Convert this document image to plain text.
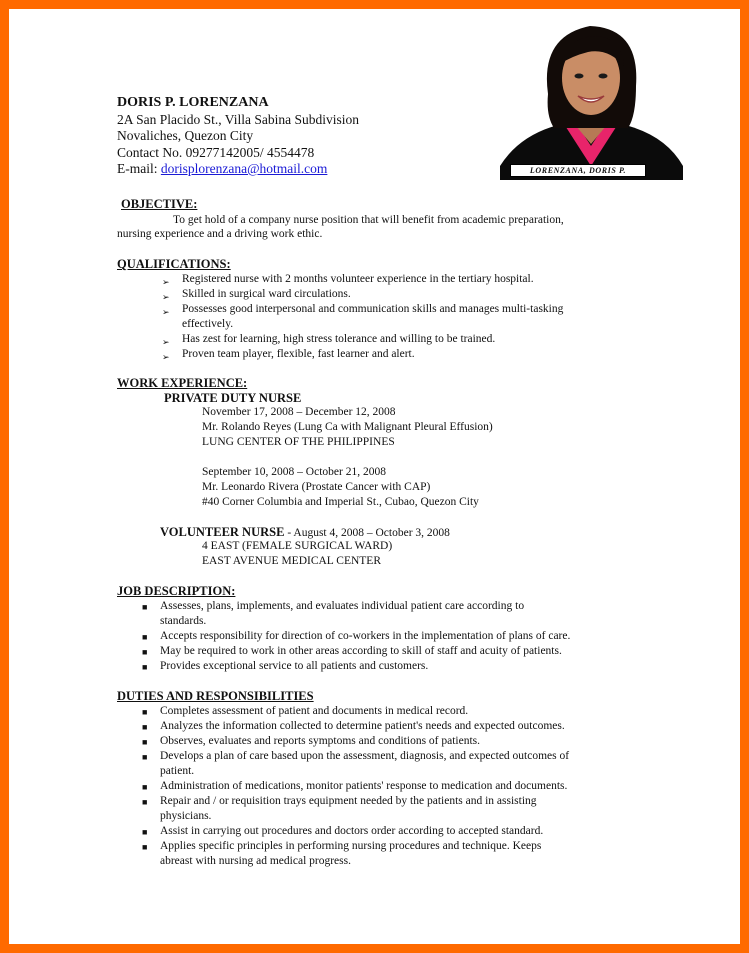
DORIS P. LORENZANA
2A San Placido St., Villa Sabina Subdivision
Novaliches, Quezon City
Contact No. 09277142005/ 4554478
E-mail: dorisplorenzana@hotmail.com	LORENZANA, DORIS P.
OBJECTIVE:
To get hold of a company nurse position that will benefit from academic preparation,
nursing experience and a driving work ethic.
QUALIFICATIONS:
➢ Registered nurse with 2 months volunteer experience in the tertiary hospital.
➢ Skilled in surgical ward circulations.
➢ Possesses good interpersonal and communication skills and manages multi-tasking
effectively.
➢ Has zest for learning, high stress tolerance and willing to be trained.
➢ Proven team player, flexible, fast learner and alert.
WORK EXPERIENCE:
PRIVATE DUTY NURSE
November 17, 2008 – December 12, 2008
Mr. Rolando Reyes (Lung Ca with Malignant Pleural Effusion)
LUNG CENTER OF THE PHILIPPINES
September 10, 2008 – October 21, 2008
Mr. Leonardo Rivera (Prostate Cancer with CAP)
#40 Corner Columbia and Imperial St., Cubao, Quezon City
VOLUNTEER NURSE - August 4, 2008 – October 3, 2008
4 EAST (FEMALE SURGICAL WARD)
EAST AVENUE MEDICAL CENTER
JOB DESCRIPTION:
■ Assesses, plans, implements, and evaluates individual patient care according to
standards.
■ Accepts responsibility for direction of co-workers in the implementation of plans of care.
■ May be required to work in other areas according to skill of staff and acuity of patients.
■ Provides exceptional service to all patients and customers.
DUTIES AND RESPONSIBILITIES
■ Completes assessment of patient and documents in medical record.
■ Analyzes the information collected to determine patient's needs and expected outcomes.
■ Observes, evaluates and reports symptoms and conditions of patients.
■ Develops a plan of care based upon the assessment, diagnosis, and expected outcomes of
patient.
■ Administration of medications, monitor patients' response to medication and documents.
■ Repair and / or requisition trays equipment needed by the patients and in assisting
physicians.
■ Assist in carrying out procedures and doctors order according to accepted standard.
■ Applies specific principles in performing nursing procedures and technique. Keeps
abreast with nursing ad medical progress.
